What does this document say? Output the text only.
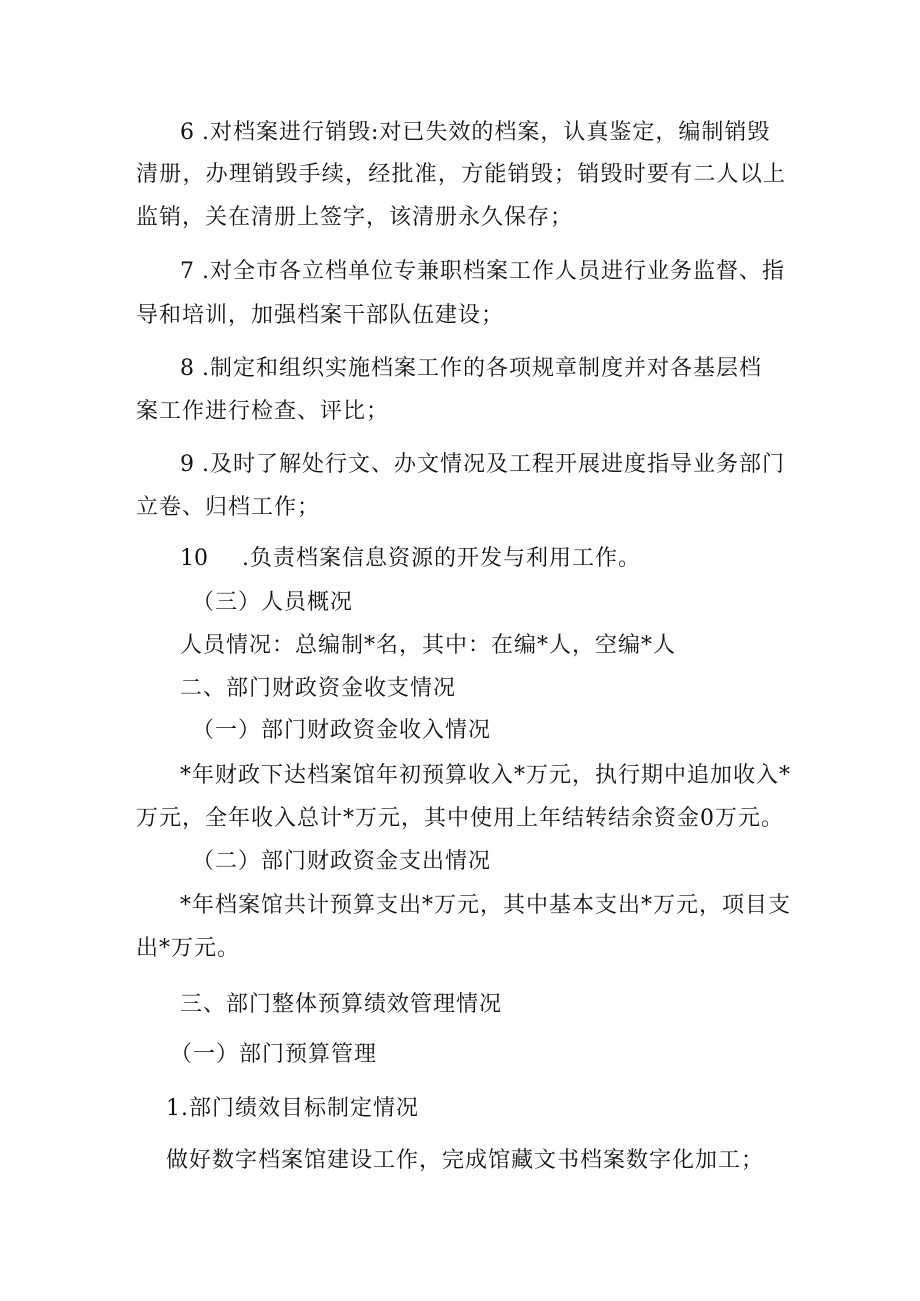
6 .对档案进行销毁:对已失效的档案，认真鉴定，编制销毁
清册，办理销毁手续，经批准，方能销毁；销毁时要有二人以上
监销，关在清册上签字，该清册永久保存；
7 .对全市各立档单位专兼职档案工作人员进行业务监督、指
导和培训，加强档案干部队伍建设；
8 .制定和组织实施档案工作的各项规章制度并对各基层档
案工作进行检查、评比；
9 .及时了解处行文、办文情况及工程开展进度指导业务部门
立卷、归档工作；
10 .负责档案信息资源的开发与利用工作。
（三）人员概况
人员情况：总编制*名，其中：在编*人，空编*人
二、部门财政资金收支情况
（一）部门财政资金收入情况
*年财政下达档案馆年初预算收入*万元，执行期中追加收入*
万元，全年收入总计*万元，其中使用上年结转结余资金0万元。
（二）部门财政资金支出情况
*年档案馆共计预算支出*万元，其中基本支出*万元，项目支
出*万元。
三、部门整体预算绩效管理情况
（一）部门预算管理
1.部门绩效目标制定情况
做好数字档案馆建设工作，完成馆藏文书档案数字化加工；
